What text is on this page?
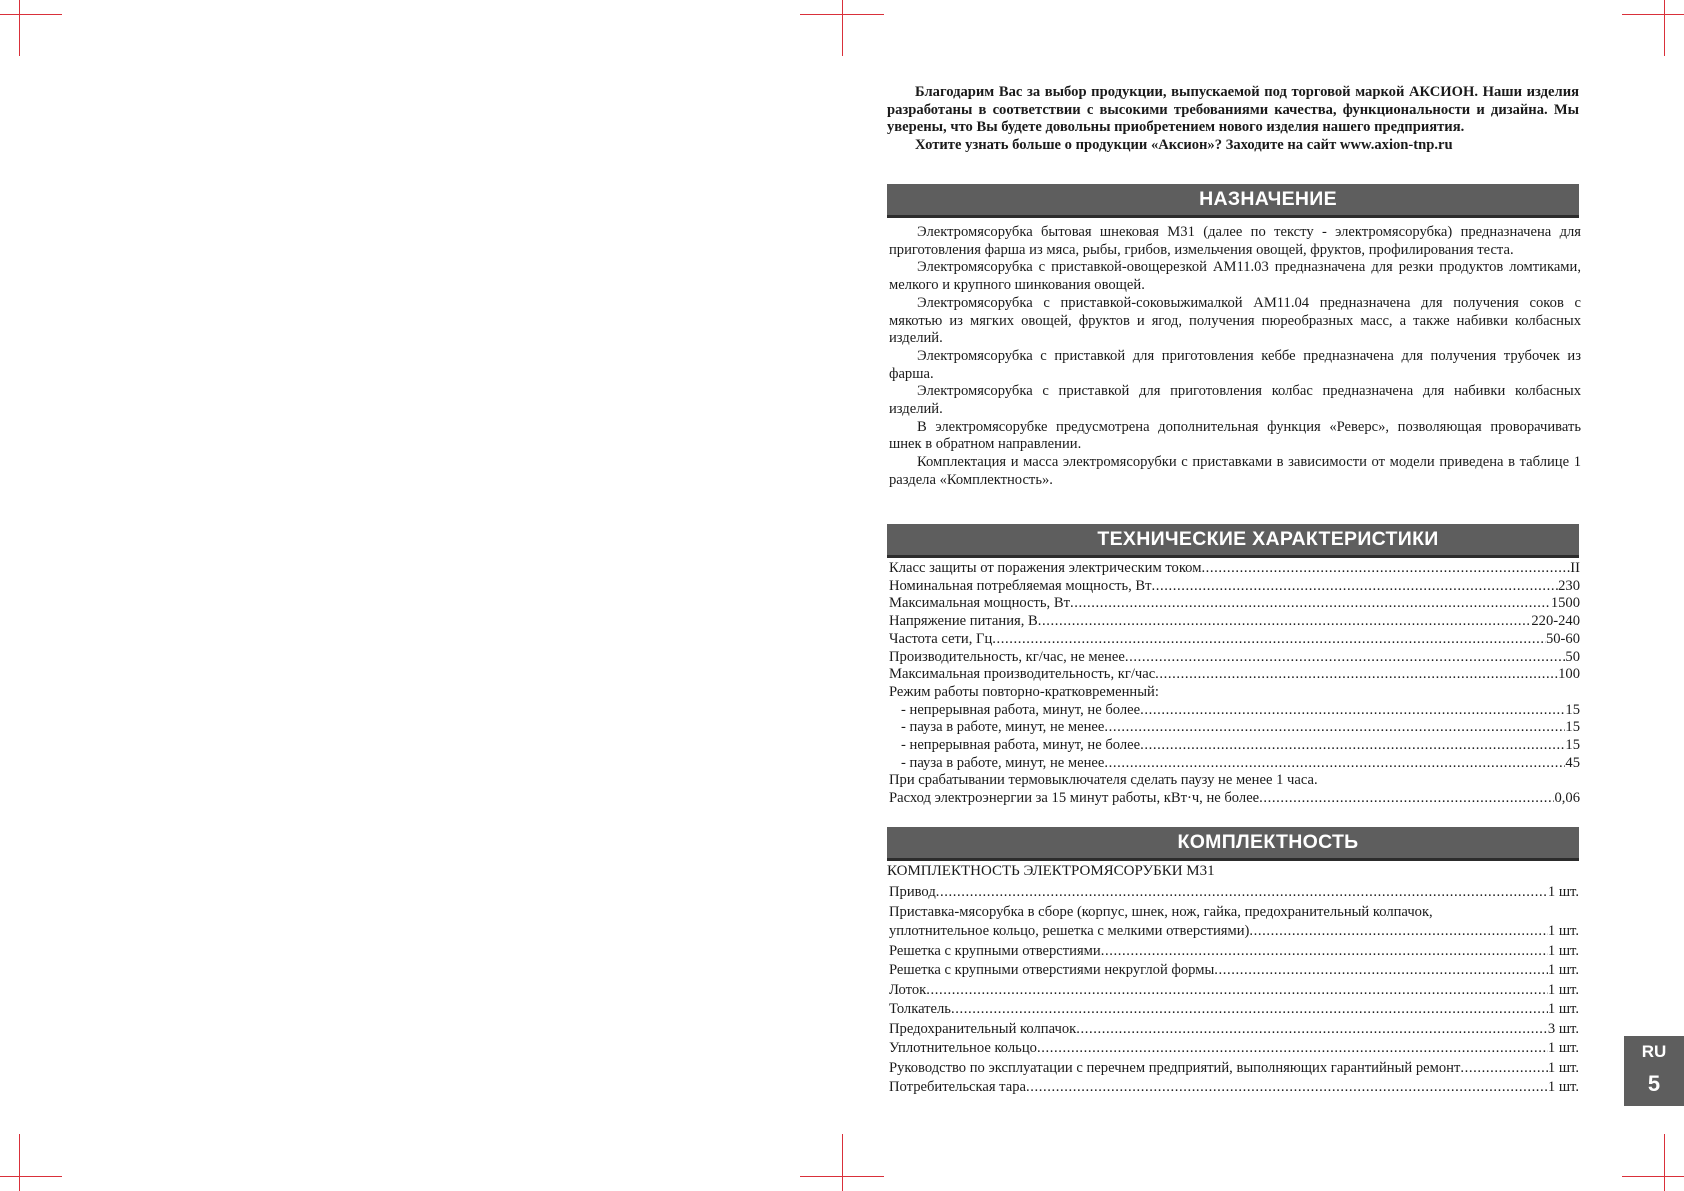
Благодарим Вас за выбор продукции, выпускаемой под торговой маркой АКСИОН. Наши изделия разработаны в соответствии с высокими требованиями качества, функциональности и дизайна. Мы уверены, что Вы будете довольны приобретением нового изделия нашего предприятия.

Хотите узнать больше о продукции «Аксион»? Заходите на сайт www.axion-tnp.ru

НАЗНАЧЕНИЕ

Электромясорубка бытовая шнековая М31 (далее по тексту - электромясорубка) предназначена для приготовления фарша из мяса, рыбы, грибов, измельчения овощей, фруктов, профилирования теста.

Электромясорубка с приставкой-овощерезкой АМ11.03 предназначена для резки продуктов ломтиками, мелкого и крупного шинкования овощей.

Электромясорубка с приставкой-соковыжималкой АМ11.04 предназначена для получения соков с мякотью из мягких овощей, фруктов и ягод, получения пюреобразных масс, а также набивки колбасных изделий.

Электромясорубка с приставкой для приготовления кеббе предназначена для получения трубочек из фарша.

Электромясорубка с приставкой для приготовления колбас предназначена для набивки колбасных изделий.

В электромясорубке предусмотрена дополнительная функция «Реверс», позволяющая проворачивать шнек в обратном направлении.

Комплектация и масса электромясорубки с приставками в зависимости от модели приведена в таблице 1 раздела «Комплектность».

ТЕХНИЧЕСКИЕ ХАРАКТЕРИСТИКИ
Класс защиты от поражения электрическим током .....	II
Номинальная потребляемая мощность, Вт .....	230
Максимальная мощность, Вт .....	1500
Напряжение питания, В .....	220-240
Частота сети, Гц .....	50-60
Производительность, кг/час, не менее .....	50
Максимальная производительность, кг/час .....	100
Режим работы повторно-кратковременный:
- непрерывная работа, минут, не более .....	15
- пауза в работе, минут, не менее .....	15
- непрерывная работа, минут, не более .....	15
- пауза в работе, минут, не менее .....	45
При срабатывании термовыключателя сделать паузу не менее 1 часа.
Расход электроэнергии за 15 минут работы, кВт·ч, не более .....	0,06
КОМПЛЕКТНОСТЬ
КОМПЛЕКТНОСТЬ ЭЛЕКТРОМЯСОРУБКИ М31
Привод .....	1 шт.
Приставка-мясорубка в сборе (корпус, шнек, нож, гайка, предохранительный колпачок,
уплотнительное кольцо, решетка с мелкими отверстиями) .....	1 шт.
Решетка с крупными отверстиями .....	1 шт.
Решетка с крупными отверстиями некруглой формы .....	1 шт.
Лоток .....	1 шт.
Толкатель .....	1 шт.
Предохранительный колпачок .....	3 шт.
Уплотнительное кольцо .....	1 шт.
Руководство по эксплуатации с перечнем предприятий, выполняющих гарантийный ремонт .....	1 шт.
Потребительская тара .....	1 шт.
RU
5
